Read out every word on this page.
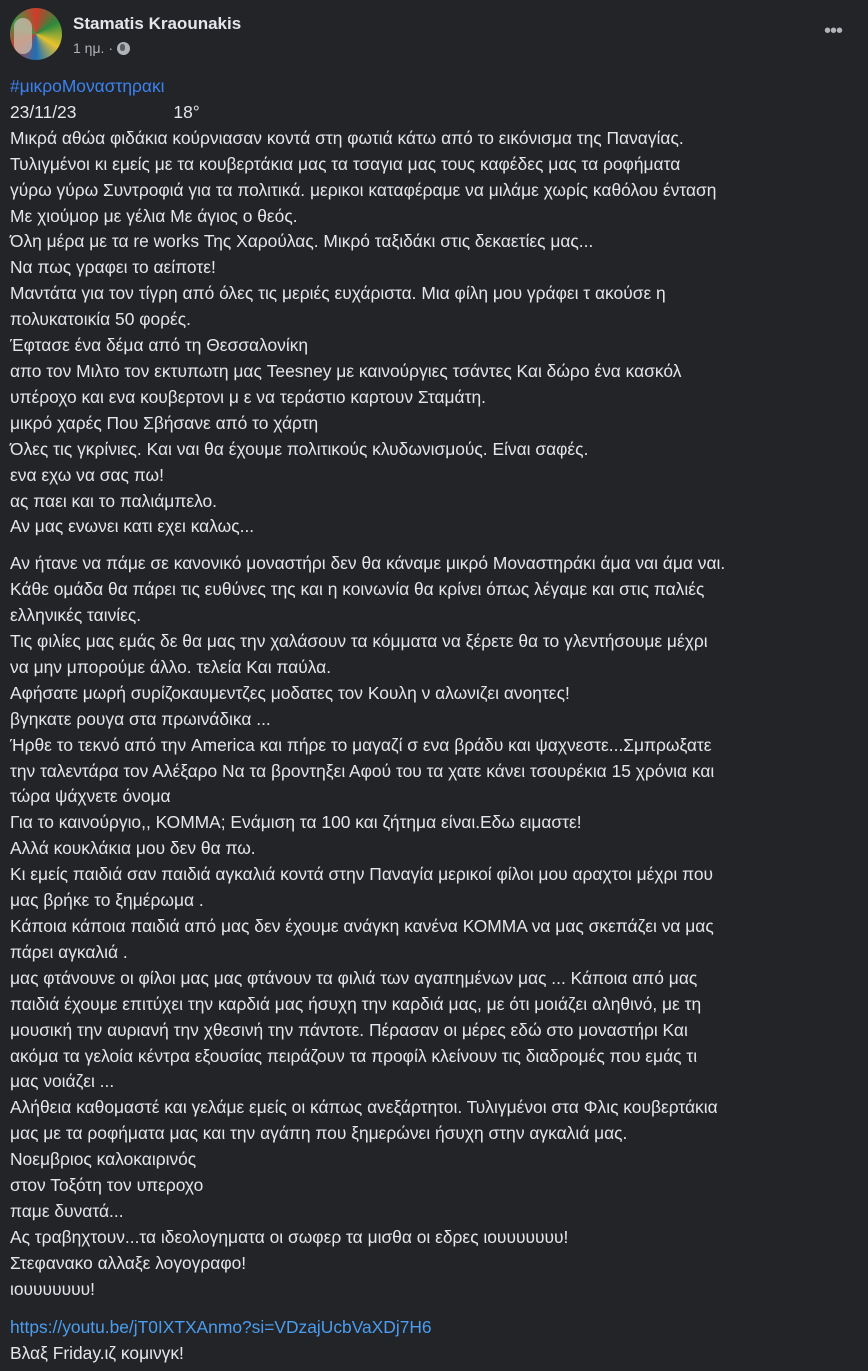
Stamatis Kraounakis
1 ημ. ·
•••
#μικροΜοναστηρακι
23/11/23	18°
Μικρά αθώα φιδάκια κούρνιασαν κοντά στη φωτιά κάτω από το εικόνισμα της Παναγίας.
Τυλιγμένοι κι εμείς με τα κουβερτάκια μας τα τσαγια μας τους καφέδες μας τα ροφήματα
γύρω γύρω Συντροφιά για τα πολιτικά. μερικοι καταφέραμε να μιλάμε χωρίς καθόλου ένταση
Με χιούμορ με γέλια Με άγιος ο θεός.
Όλη μέρα με τα re works Της Χαρούλας. Μικρό ταξιδάκι στις δεκαετίες μας...
Να πως γραφει το αείποτε!
Μαντάτα για τον τίγρη από όλες τις μεριές ευχάριστα. Μια φίλη μου γράφει τ ακούσε η
πολυκατοικία 50 φορές.
Έφτασε ένα δέμα από τη Θεσσαλονίκη
απο τον Μιλτο τον εκτυπωτη μας Teesney με καινούργιες τσάντες Και δώρο ένα κασκόλ
υπέροχο και ενα κουβερτονι μ ε να τεράστιο καρτουν Σταμάτη.
μικρό χαρές Που Σβήσανε από το χάρτη
Όλες τις γκρίνιες. Και ναι θα έχουμε πολιτικούς κλυδωνισμούς. Είναι σαφές.
ενα εχω να σας πω!
ας παει και το παλιάμπελο.
Αν μας ενωνει κατι εχει καλως...
Αν ήτανε να πάμε σε κανονικό μοναστήρι δεν θα κάναμε μικρό Μοναστηράκι άμα ναι άμα ναι.
Κάθε ομάδα θα πάρει τις ευθύνες της και η κοινωνία θα κρίνει όπως λέγαμε και στις παλιές
ελληνικές ταινίες.
Τις φιλίες μας εμάς δε θα μας την χαλάσουν τα κόμματα να ξέρετε θα το γλεντήσουμε μέχρι
να μην μπορούμε άλλο. τελεία Και παύλα.
Αφήσατε μωρή συρίζοκαυμεντζες μοδατες τον Κουλη ν αλωνιζει ανοητες!
βγηκατε ρουγα στα πρωινάδικα ...
Ήρθε το τεκνό από την America και πήρε το μαγαζί σ ενα βράδυ και ψαχνεστε...Σμπρωξατε
την ταλεντάρα τον Αλέξαρο Να τα βροντηξει Αφού του τα χατε κάνει τσουρέκια 15 χρόνια και
τώρα ψάχνετε όνομα
Για το καινούργιο,, ΚΟΜΜΑ; Ενάμιση τα 100 και ζήτημα είναι.Εδω ειμαστε!
Αλλά κουκλάκια μου δεν θα πω.
Κι εμείς παιδιά σαν παιδιά αγκαλιά κοντά στην Παναγία μερικοί φίλοι μου αραχτοι μέχρι που
μας βρήκε το ξημέρωμα .
Κάποια κάποια παιδιά από μας δεν έχουμε ανάγκη κανένα ΚΟΜΜΑ να μας σκεπάζει να μας
πάρει αγκαλιά .
μας φτάνουνε οι φίλοι μας μας φτάνουν τα φιλιά των αγαπημένων μας ... Κάποια από μας
παιδιά έχουμε επιτύχει την καρδιά μας ήσυχη την καρδιά μας, με ότι μοιάζει αληθινό, με τη
μουσική την αυριανή την χθεσινή την πάντοτε. Πέρασαν οι μέρες εδώ στο μοναστήρι Και
ακόμα τα γελοία κέντρα εξουσίας πειράζουν τα προφίλ κλείνουν τις διαδρομές που εμάς τι
μας νοιάζει ...
Αλήθεια καθομαστέ και γελάμε εμείς οι κάπως ανεξάρτητοι. Τυλιγμένοι στα Φλις κουβερτάκια
μας με τα ροφήματα μας και την αγάπη που ξημερώνει ήσυχη στην αγκαλιά μας.
Νοεμβριος καλοκαιρινός
στον Τοξότη τον υπεροχο
παμε δυνατά...
Ας τραβηχτουν...τα ιδεολογηματα οι σωφερ τα μισθα οι εδρες ιουυυυυυυ!
Στεφανακο αλλαξε λογογραφο!
ιουυυυυυυ!
https://youtu.be/jT0IXTXAnmo?si=VDzajUcbVaXDj7H6
Βλαξ Friday.ιζ κομινγκ!
